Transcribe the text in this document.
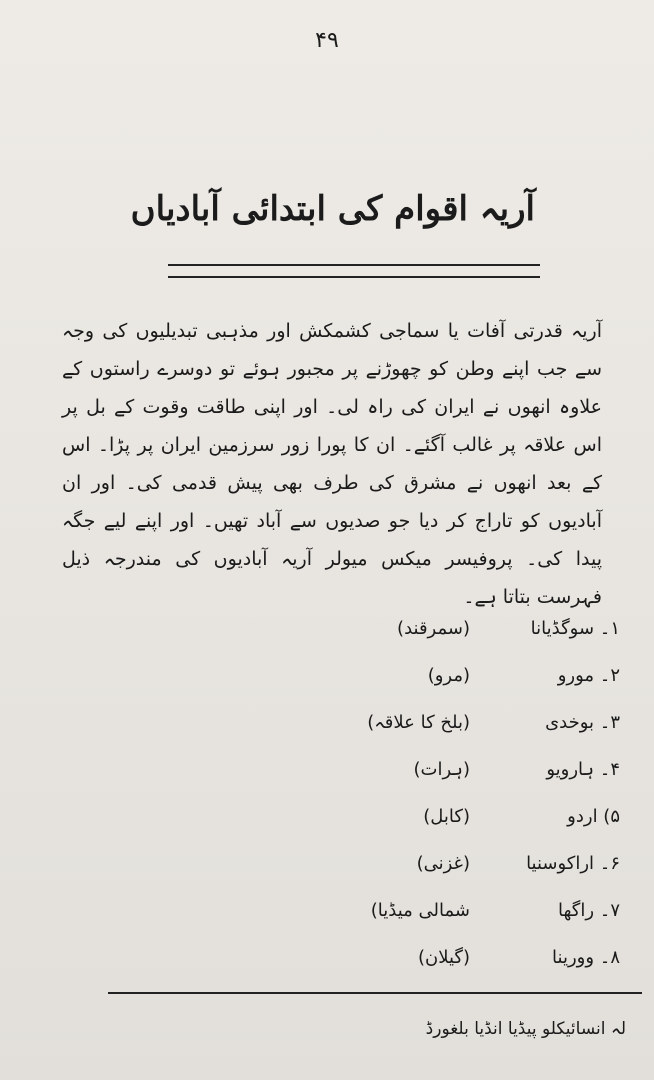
۴۹
آریہ اقوام کی ابتدائی آبادیاں
آریہ قدرتی آفات یا سماجی کشمکش اور مذہبی تبدیلیوں کی وجہ سے جب اپنے وطن کو چھوڑنے پر مجبور ہوئے تو دوسرے راستوں کے علاوہ انھوں نے ایران کی راہ لی۔ اور اپنی طاقت وقوت کے بل پر اس علاقہ پر غالب آگئے۔ ان کا پورا زور سرزمین ایران پر پڑا۔ اس کے بعد انھوں نے مشرق کی طرف بھی پیش قدمی کی۔ اور ان آبادیوں کو تاراج کر دیا جو صدیوں سے آباد تھیں۔ اور اپنے لیے جگہ پیدا کی۔ پروفیسر میکس میولر آریہ آبادیوں کی مندرجہ ذیل فہرست بتاتا ہے۔
۱۔ سوگڈیانا
(سمرقند)
۲۔ مورو
(مرو)
۳۔ بوخدی
(بلخ کا علاقہ)
۴۔ ہارویو
(ہرات)
۵) اردو
(کابل)
۶۔ اراکوسنیا
(غزنی)
۷۔ راگھا
شمالی میڈیا)
۸۔ وورینا
(گیلان)
لہ انسائیکلو پیڈیا انڈیا بلغورڈ
